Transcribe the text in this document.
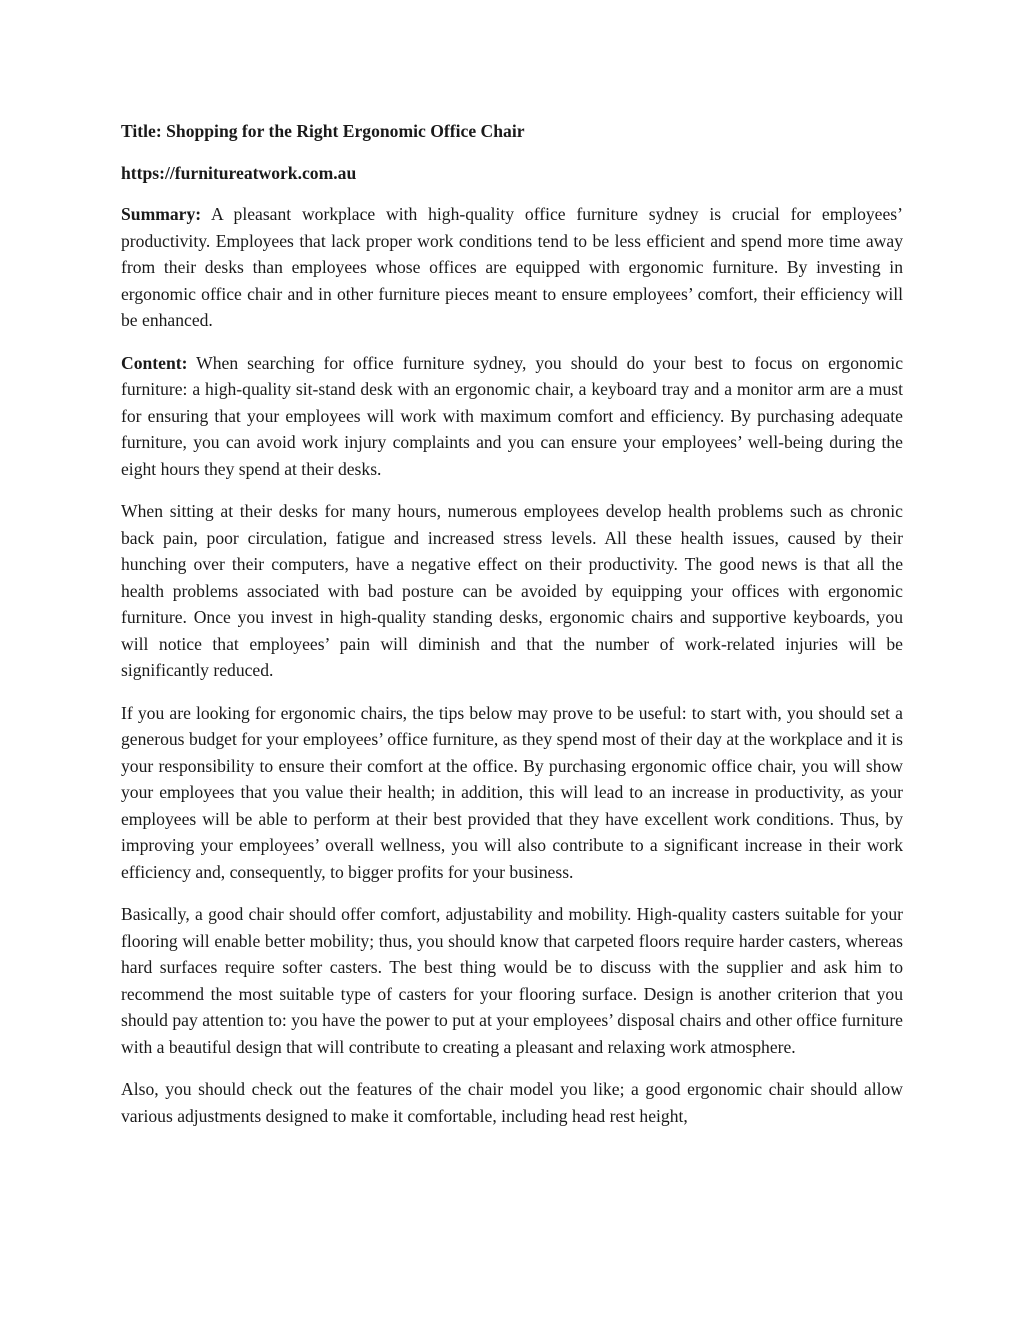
Title: Shopping for the Right Ergonomic Office Chair

https://furnitureatwork.com.au

Summary: A pleasant workplace with high-quality office furniture sydney is crucial for employees’ productivity. Employees that lack proper work conditions tend to be less efficient and spend more time away from their desks than employees whose offices are equipped with ergonomic furniture. By investing in ergonomic office chair and in other furniture pieces meant to ensure employees’ comfort, their efficiency will be enhanced.

Content: When searching for office furniture sydney, you should do your best to focus on ergonomic furniture: a high-quality sit-stand desk with an ergonomic chair, a keyboard tray and a monitor arm are a must for ensuring that your employees will work with maximum comfort and efficiency. By purchasing adequate furniture, you can avoid work injury complaints and you can ensure your employees’ well-being during the eight hours they spend at their desks.

When sitting at their desks for many hours, numerous employees develop health problems such as chronic back pain, poor circulation, fatigue and increased stress levels. All these health issues, caused by their hunching over their computers, have a negative effect on their productivity. The good news is that all the health problems associated with bad posture can be avoided by equipping your offices with ergonomic furniture. Once you invest in high-quality standing desks, ergonomic chairs and supportive keyboards, you will notice that employees’ pain will diminish and that the number of work-related injuries will be significantly reduced.

If you are looking for ergonomic chairs, the tips below may prove to be useful: to start with, you should set a generous budget for your employees’ office furniture, as they spend most of their day at the workplace and it is your responsibility to ensure their comfort at the office. By purchasing ergonomic office chair, you will show your employees that you value their health; in addition, this will lead to an increase in productivity, as your employees will be able to perform at their best provided that they have excellent work conditions. Thus, by improving your employees’ overall wellness, you will also contribute to a significant increase in their work efficiency and, consequently, to bigger profits for your business.

Basically, a good chair should offer comfort, adjustability and mobility. High-quality casters suitable for your flooring will enable better mobility; thus, you should know that carpeted floors require harder casters, whereas hard surfaces require softer casters. The best thing would be to discuss with the supplier and ask him to recommend the most suitable type of casters for your flooring surface. Design is another criterion that you should pay attention to: you have the power to put at your employees’ disposal chairs and other office furniture with a beautiful design that will contribute to creating a pleasant and relaxing work atmosphere.

Also, you should check out the features of the chair model you like; a good ergonomic chair should allow various adjustments designed to make it comfortable, including head rest height,
